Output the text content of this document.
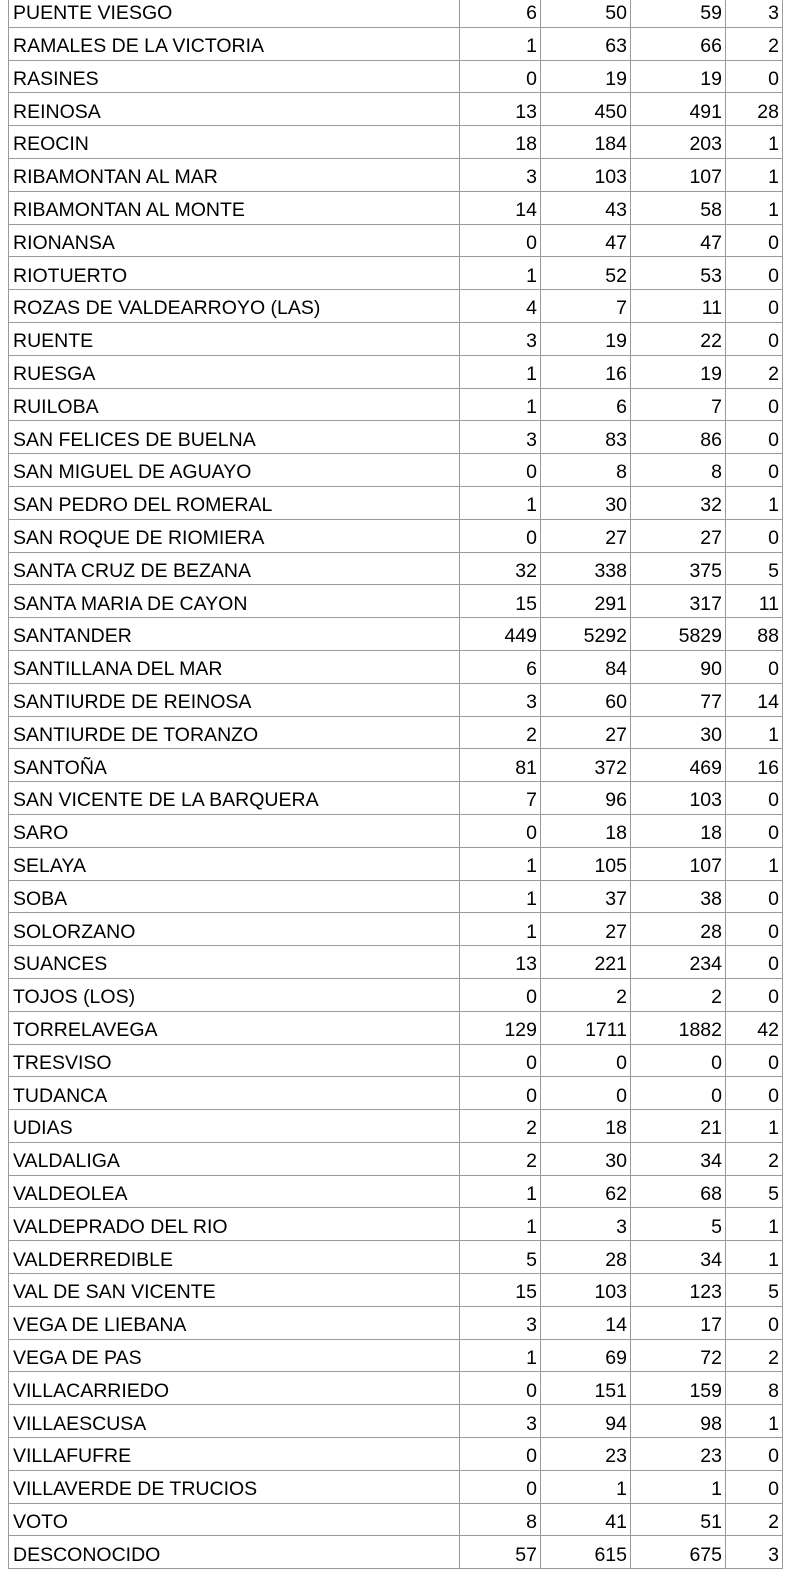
PUENTE VIESGO	6	50	59	3
RAMALES DE LA VICTORIA	1	63	66	2
RASINES	0	19	19	0
REINOSA	13	450	491	28
REOCIN	18	184	203	1
RIBAMONTAN AL MAR	3	103	107	1
RIBAMONTAN AL MONTE	14	43	58	1
RIONANSA	0	47	47	0
RIOTUERTO	1	52	53	0
ROZAS DE VALDEARROYO (LAS)	4	7	11	0
RUENTE	3	19	22	0
RUESGA	1	16	19	2
RUILOBA	1	6	7	0
SAN FELICES DE BUELNA	3	83	86	0
SAN MIGUEL DE AGUAYO	0	8	8	0
SAN PEDRO DEL ROMERAL	1	30	32	1
SAN ROQUE DE RIOMIERA	0	27	27	0
SANTA CRUZ DE BEZANA	32	338	375	5
SANTA MARIA DE CAYON	15	291	317	11
SANTANDER	449	5292	5829	88
SANTILLANA DEL MAR	6	84	90	0
SANTIURDE DE REINOSA	3	60	77	14
SANTIURDE DE TORANZO	2	27	30	1
SANTOÑA	81	372	469	16
SAN VICENTE DE LA BARQUERA	7	96	103	0
SARO	0	18	18	0
SELAYA	1	105	107	1
SOBA	1	37	38	0
SOLORZANO	1	27	28	0
SUANCES	13	221	234	0
TOJOS (LOS)	0	2	2	0
TORRELAVEGA	129	1711	1882	42
TRESVISO	0	0	0	0
TUDANCA	0	0	0	0
UDIAS	2	18	21	1
VALDALIGA	2	30	34	2
VALDEOLEA	1	62	68	5
VALDEPRADO DEL RIO	1	3	5	1
VALDERREDIBLE	5	28	34	1
VAL DE SAN VICENTE	15	103	123	5
VEGA DE LIEBANA	3	14	17	0
VEGA DE PAS	1	69	72	2
VILLACARRIEDO	0	151	159	8
VILLAESCUSA	3	94	98	1
VILLAFUFRE	0	23	23	0
VILLAVERDE DE TRUCIOS	0	1	1	0
VOTO	8	41	51	2
DESCONOCIDO	57	615	675	3
